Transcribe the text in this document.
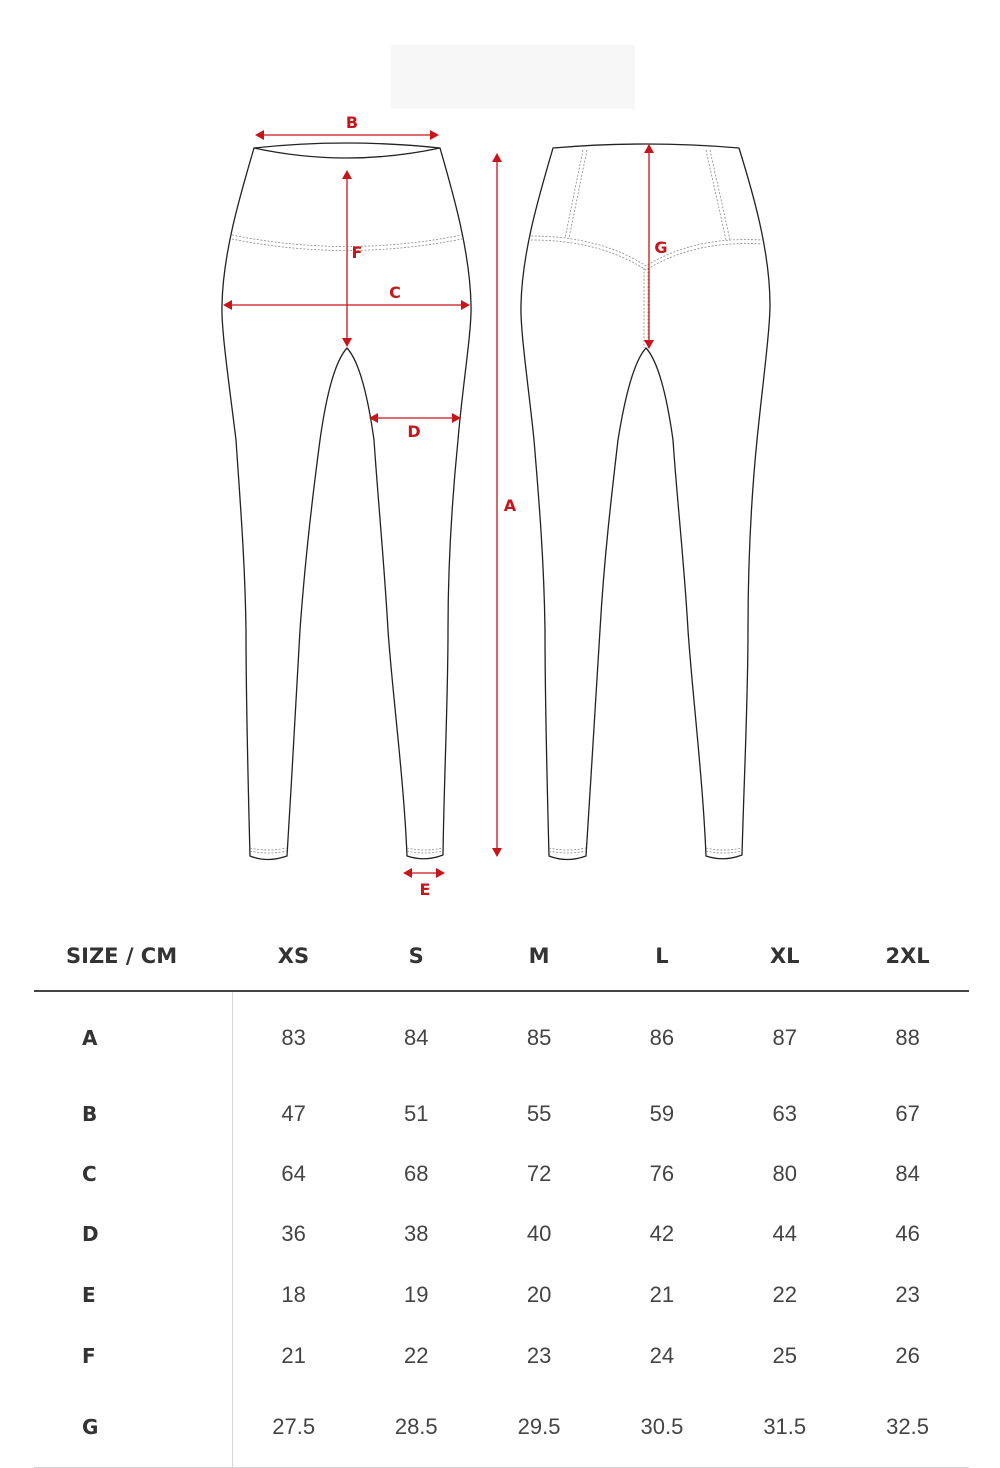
B
F
C
D
E
A
G
SIZE / CM	XS	S	M	L	XL	2XL
A	83	84	85	86	87	88
B	47	51	55	59	63	67
C	64	68	72	76	80	84
D	36	38	40	42	44	46
E	18	19	20	21	22	23
F	21	22	23	24	25	26
G	27.5	28.5	29.5	30.5	31.5	32.5
